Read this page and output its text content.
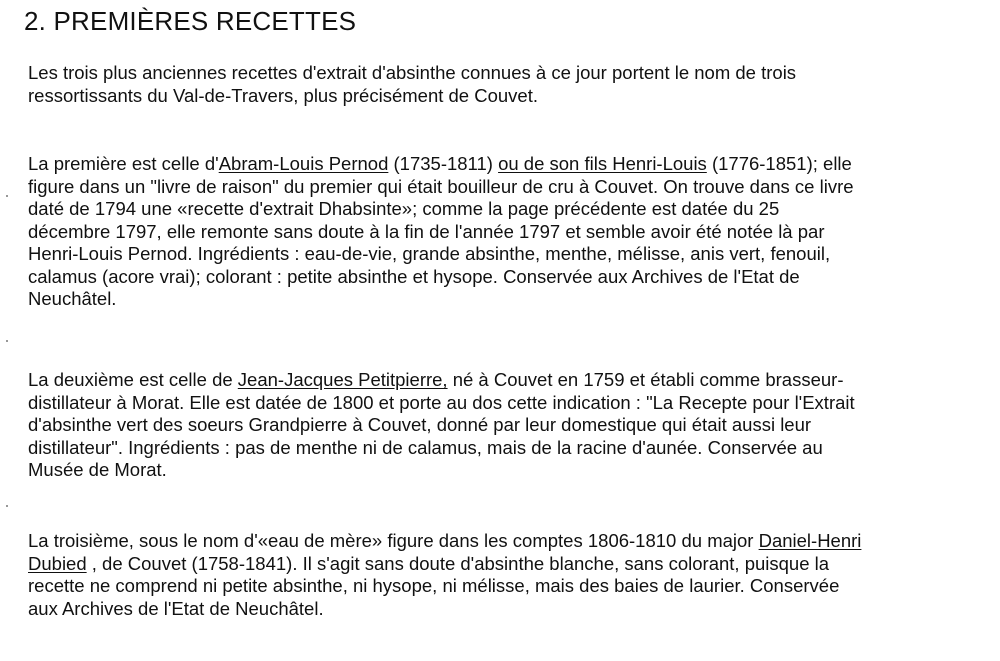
2. PREMIÈRES RECETTES

Les trois plus anciennes recettes d'extrait d'absinthe connues à ce jour portent le nom de trois
ressortissants du Val-de-Travers, plus précisément de Couvet.

La première est celle d'Abram-Louis Pernod (1735-1811) ou de son fils Henri-Louis (1776-1851); elle
figure dans un "livre de raison" du premier qui était bouilleur de cru à Couvet. On trouve dans ce livre
daté de 1794 une «recette d'extrait Dhabsinte»; comme la page précédente est datée du 25
décembre 1797, elle remonte sans doute à la fin de l'année 1797 et semble avoir été notée là par
Henri-Louis Pernod. Ingrédients : eau-de-vie, grande absinthe, menthe, mélisse, anis vert, fenouil,
calamus (acore vrai); colorant : petite absinthe et hysope. Conservée aux Archives de l'Etat de
Neuchâtel.

La deuxième est celle de Jean-Jacques Petitpierre, né à Couvet en 1759 et établi comme brasseur-
distillateur à Morat. Elle est datée de 1800 et porte au dos cette indication : "La Recepte pour l'Extrait
d'absinthe vert des soeurs Grandpierre à Couvet, donné par leur domestique qui était aussi leur
distillateur". Ingrédients : pas de menthe ni de calamus, mais de la racine d'aunée. Conservée au
Musée de Morat.

La troisième, sous le nom d'«eau de mère» figure dans les comptes 1806-1810 du major Daniel-Henri
Dubied , de Couvet (1758-1841). Il s'agit sans doute d'absinthe blanche, sans colorant, puisque la
recette ne comprend ni petite absinthe, ni hysope, ni mélisse, mais des baies de laurier. Conservée
aux Archives de l'Etat de Neuchâtel.
